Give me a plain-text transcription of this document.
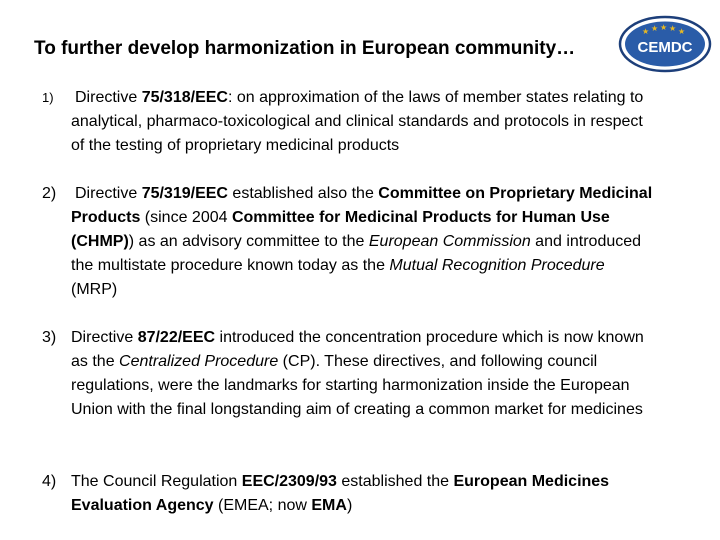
To further develop harmonization in European community…
★ ★ ★ ★ ★
CEMDC
1) Directive 75/318/EEC: on approximation of the laws of member states relating to analytical, pharmaco-toxicological and clinical standards and protocols in respect of the testing of proprietary medicinal products
2) Directive 75/319/EEC established also the Committee on Proprietary Medicinal Products (since 2004 Committee for Medicinal Products for Human Use (CHMP)) as an advisory committee to the European Commission and introduced the multistate procedure known today as the Mutual Recognition Procedure (MRP)
3) Directive 87/22/EEC introduced the concentration procedure which is now known as the Centralized Procedure (CP). These directives, and following council regulations, were the landmarks for starting harmonization inside the European Union with the final longstanding aim of creating a common market for medicines
4) The Council Regulation EEC/2309/93 established the European Medicines Evaluation Agency (EMEA; now EMA)
